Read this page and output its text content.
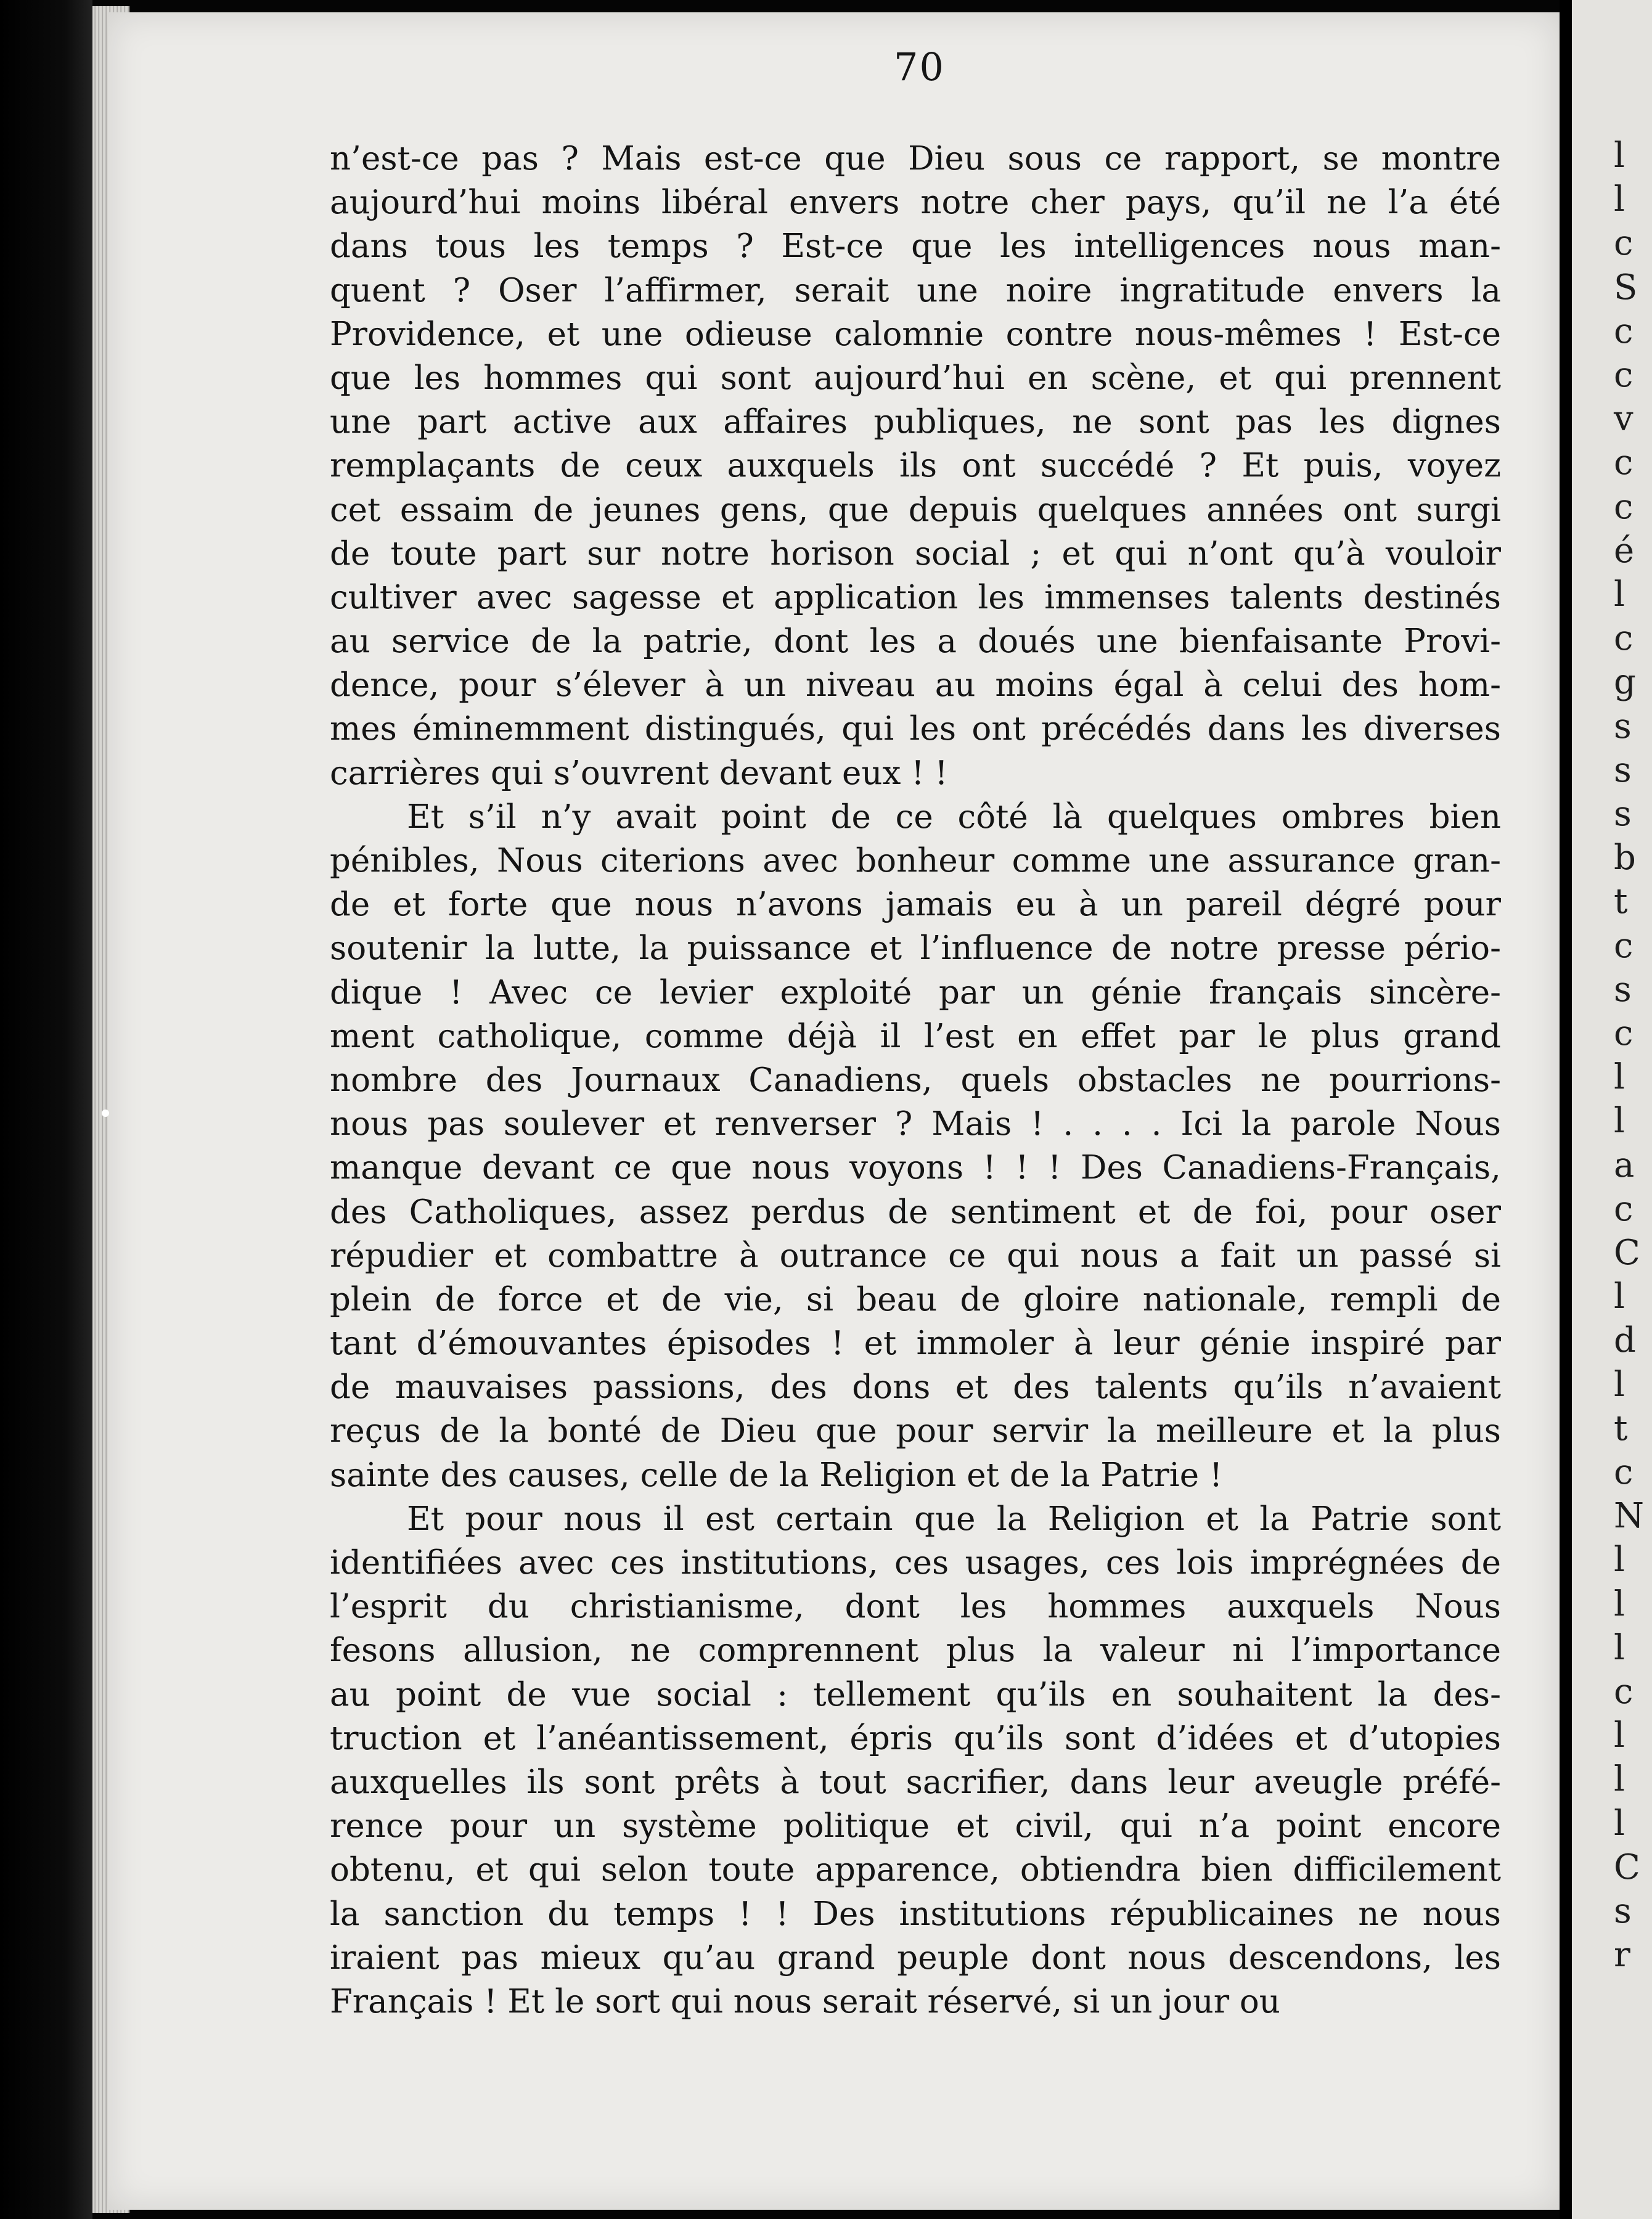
70
n’est-ce pas ? Mais est-ce que Dieu sous ce rapport, se montre
aujourd’hui moins libéral envers notre cher pays, qu’il ne l’a été
dans tous les temps ? Est-ce que les intelligences nous man-
quent ? Oser l’affirmer, serait une noire ingratitude envers la
Providence, et une odieuse calomnie contre nous-mêmes ! Est-ce
que les hommes qui sont aujourd’hui en scène, et qui prennent
une part active aux affaires publiques, ne sont pas les dignes
remplaçants de ceux auxquels ils ont succédé ? Et puis, voyez
cet essaim de jeunes gens, que depuis quelques années ont surgi
de toute part sur notre horison social ; et qui n’ont qu’à vouloir
cultiver avec sagesse et application les immenses talents destinés
au service de la patrie, dont les a doués une bienfaisante Provi-
dence, pour s’élever à un niveau au moins égal à celui des hom-
mes éminemment distingués, qui les ont précédés dans les diverses
carrières qui s’ouvrent devant eux ! !
Et s’il n’y avait point de ce côté là quelques ombres bien
pénibles, Nous citerions avec bonheur comme une assurance gran-
de et forte que nous n’avons jamais eu à un pareil dégré pour
soutenir la lutte, la puissance et l’influence de notre presse pério-
dique ! Avec ce levier exploité par un génie français sincère-
ment catholique, comme déjà il l’est en effet par le plus grand
nombre des Journaux Canadiens, quels obstacles ne pourrions-
nous pas soulever et renverser ? Mais ! . . . . Ici la parole Nous
manque devant ce que nous voyons ! ! ! Des Canadiens-Français,
des Catholiques, assez perdus de sentiment et de foi, pour oser
répudier et combattre à outrance ce qui nous a fait un passé si
plein de force et de vie, si beau de gloire nationale, rempli de
tant d’émouvantes épisodes ! et immoler à leur génie inspiré par
de mauvaises passions, des dons et des talents qu’ils n’avaient
reçus de la bonté de Dieu que pour servir la meilleure et la plus
sainte des causes, celle de la Religion et de la Patrie !
Et pour nous il est certain que la Religion et la Patrie sont
identifiées avec ces institutions, ces usages, ces lois imprégnées de
l’esprit du christianisme, dont les hommes auxquels Nous
fesons allusion, ne comprennent plus la valeur ni l’importance
au point de vue social : tellement qu’ils en souhaitent la des-
truction et l’anéantissement, épris qu’ils sont d’idées et d’utopies
auxquelles ils sont prêts à tout sacrifier, dans leur aveugle préfé-
rence pour un système politique et civil, qui n’a point encore
obtenu, et qui selon toute apparence, obtiendra bien difficilement
la sanction du temps ! ! Des institutions républicaines ne nous
iraient pas mieux qu’au grand peuple dont nous descendons, les
Français ! Et le sort qui nous serait réservé, si un jour ou
l
l
c
S
c
c
v
c
c
é
l
c
g
s
s
s
b
t
c
s
c
l
l
a
c
C
l
d
l
t
c
N
l
l
l
c
l
l
l
C
s
r
